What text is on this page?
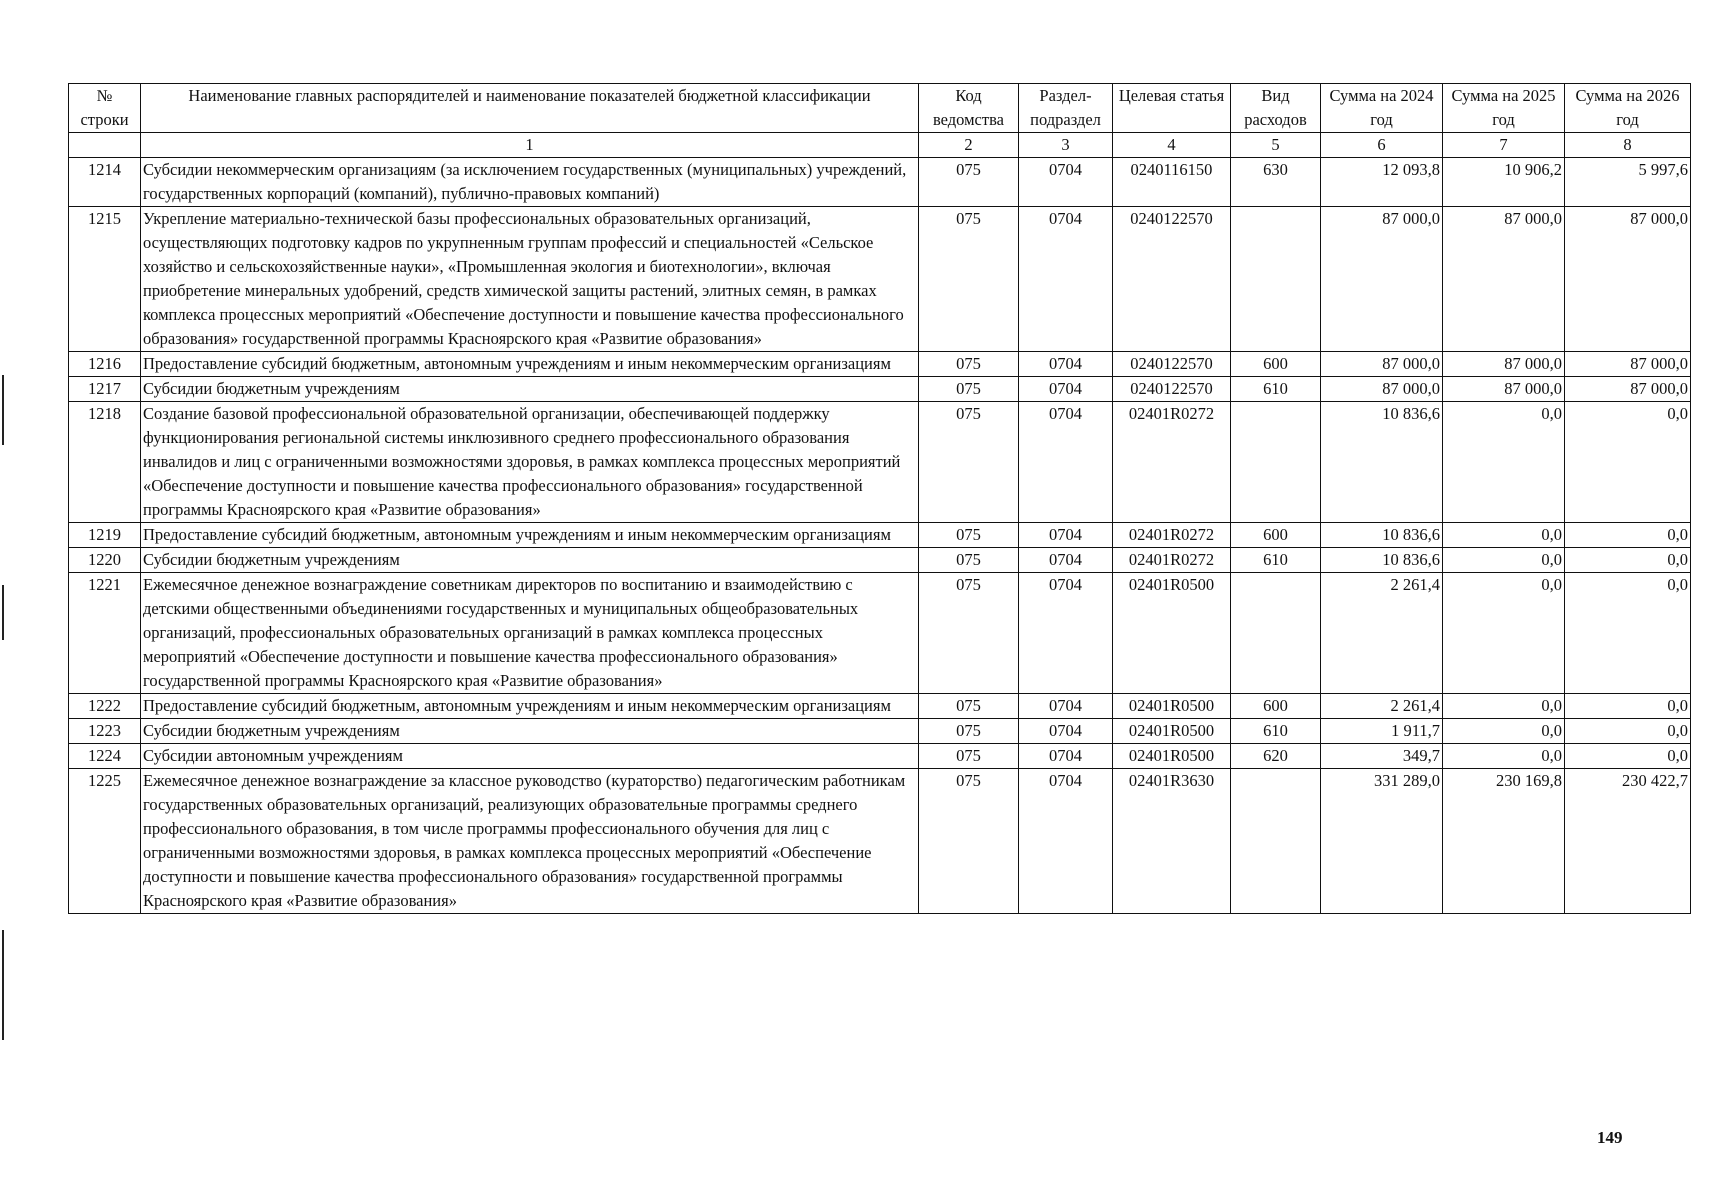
№ строки	Наименование главных распорядителей и наименование показателей бюджетной классификации	Код ведомства	Раздел-подраздел	Целевая статья	Вид расходов	Сумма на 2024 год	Сумма на 2025 год	Сумма на 2026 год
	1	2	3	4	5	6	7	8
1214	Субсидии некоммерческим организациям (за исключением государственных (муниципальных) учреждений, государственных корпораций (компаний), публично-правовых компаний)	075	0704	0240116150	630	12 093,8	10 906,2	5 997,6
1215	Укрепление материально-технической базы профессиональных образовательных организаций, осуществляющих подготовку кадров по укрупненным группам профессий и специальностей «Сельское хозяйство и сельскохозяйственные науки», «Промышленная экология и биотехнологии», включая приобретение минеральных удобрений, средств химической защиты растений, элитных семян, в рамках комплекса процессных мероприятий «Обеспечение доступности и повышение качества профессионального образования» государственной программы Красноярского края «Развитие образования»	075	0704	0240122570		87 000,0	87 000,0	87 000,0
1216	Предоставление субсидий бюджетным, автономным учреждениям и иным некоммерческим организациям	075	0704	0240122570	600	87 000,0	87 000,0	87 000,0
1217	Субсидии бюджетным учреждениям	075	0704	0240122570	610	87 000,0	87 000,0	87 000,0
1218	Создание базовой профессиональной образовательной организации, обеспечивающей поддержку функционирования региональной системы инклюзивного среднего профессионального образования инвалидов и лиц с ограниченными возможностями здоровья, в рамках комплекса процессных мероприятий «Обеспечение доступности и повышение качества профессионального образования» государственной программы Красноярского края «Развитие образования»	075	0704	02401R0272		10 836,6	0,0	0,0
1219	Предоставление субсидий бюджетным, автономным учреждениям и иным некоммерческим организациям	075	0704	02401R0272	600	10 836,6	0,0	0,0
1220	Субсидии бюджетным учреждениям	075	0704	02401R0272	610	10 836,6	0,0	0,0
1221	Ежемесячное денежное вознаграждение советникам директоров по воспитанию и взаимодействию с детскими общественными объединениями государственных и муниципальных общеобразовательных организаций, профессиональных образовательных организаций в рамках комплекса процессных мероприятий «Обеспечение доступности и повышение качества профессионального образования» государственной программы Красноярского края «Развитие образования»	075	0704	02401R0500		2 261,4	0,0	0,0
1222	Предоставление субсидий бюджетным, автономным учреждениям и иным некоммерческим организациям	075	0704	02401R0500	600	2 261,4	0,0	0,0
1223	Субсидии бюджетным учреждениям	075	0704	02401R0500	610	1 911,7	0,0	0,0
1224	Субсидии автономным учреждениям	075	0704	02401R0500	620	349,7	0,0	0,0
1225	Ежемесячное денежное вознаграждение за классное руководство (кураторство) педагогическим работникам государственных образовательных организаций, реализующих образовательные программы среднего профессионального образования, в том числе программы профессионального обучения для лиц с ограниченными возможностями здоровья, в рамках комплекса процессных мероприятий «Обеспечение доступности и повышение качества профессионального образования» государственной программы Красноярского края «Развитие образования»	075	0704	02401R3630		331 289,0	230 169,8	230 422,7
149
